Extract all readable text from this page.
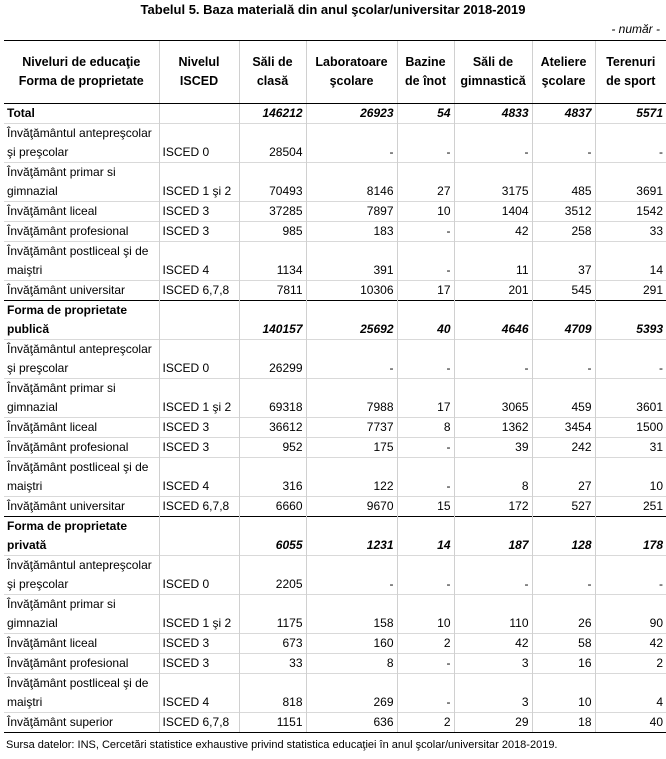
Tabelul 5. Baza materială din anul şcolar/universitar 2018-2019
- număr -
Niveluri de educaţie Forma de proprietate	Nivelul ISCED	Săli de clasă	Laboratoare şcolare	Bazine de înot	Săli de gimnastică	Ateliere şcolare	Terenuri de sport
Total		146212	26923	54	4833	4837	5571
Învăţământul antepreşcolar şi preşcolar	ISCED 0	28504	-	-	-	-	-
Învăţământ primar si gimnazial	ISCED 1 şi 2	70493	8146	27	3175	485	3691
Învăţământ liceal	ISCED 3	37285	7897	10	1404	3512	1542
Învăţământ profesional	ISCED 3	985	183	-	42	258	33
Învăţământ postliceal şi de maiştri	ISCED 4	1134	391	-	11	37	14
Învăţământ universitar	ISCED 6,7,8	7811	10306	17	201	545	291
Forma de proprietate publică		140157	25692	40	4646	4709	5393
Învăţământul antepreşcolar şi preşcolar	ISCED 0	26299	-	-	-	-	-
Învăţământ primar si gimnazial	ISCED 1 şi 2	69318	7988	17	3065	459	3601
Învăţământ liceal	ISCED 3	36612	7737	8	1362	3454	1500
Învăţământ profesional	ISCED 3	952	175	-	39	242	31
Învăţământ postliceal şi de maiştri	ISCED 4	316	122	-	8	27	10
Învăţământ universitar	ISCED 6,7,8	6660	9670	15	172	527	251
Forma de proprietate privată		6055	1231	14	187	128	178
Învăţământul antepreşcolar şi preşcolar	ISCED 0	2205	-	-	-	-	-
Învăţământ primar si gimnazial	ISCED 1 şi 2	1175	158	10	110	26	90
Învăţământ liceal	ISCED 3	673	160	2	42	58	42
Învăţământ profesional	ISCED 3	33	8	-	3	16	2
Învăţământ postliceal şi de maiştri	ISCED 4	818	269	-	3	10	4
Învăţământ superior	ISCED 6,7,8	1151	636	2	29	18	40
Sursa datelor: INS, Cercetări statistice exhaustive privind statistica educaţiei în anul şcolar/universitar 2018-2019.
